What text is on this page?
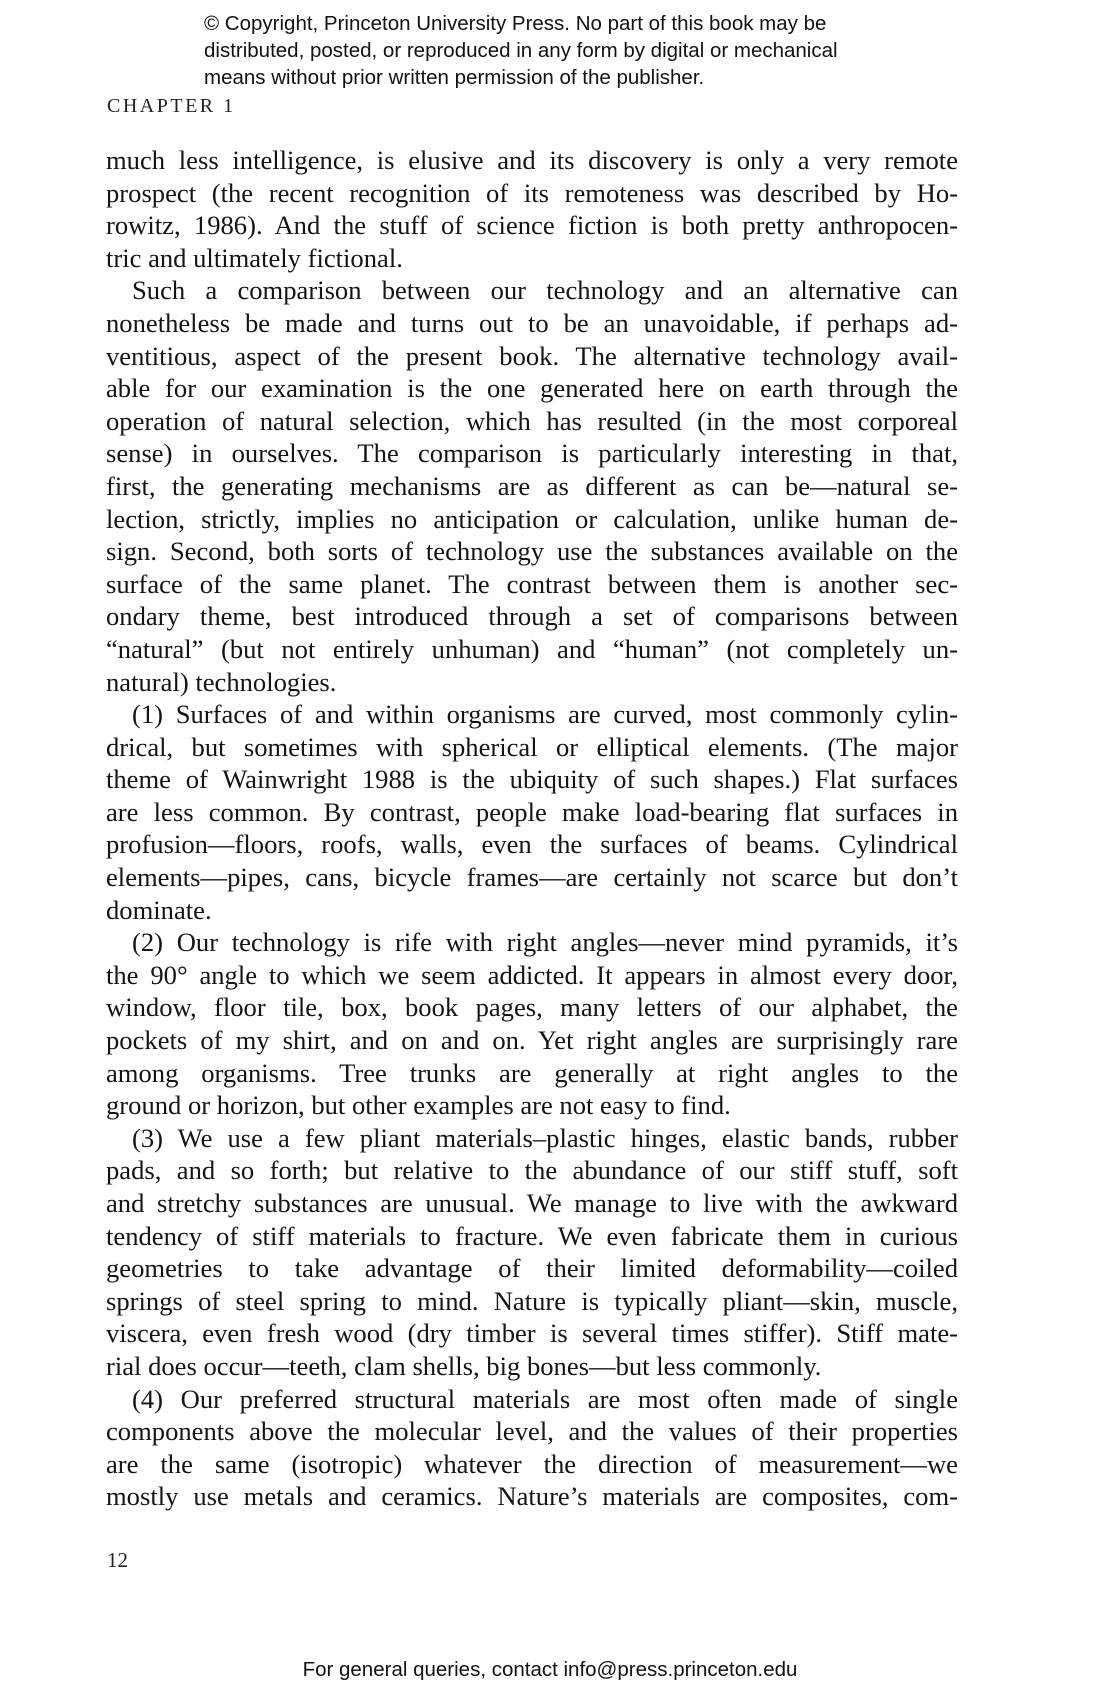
© Copyright, Princeton University Press. No part of this book may be
distributed, posted, or reproduced in any form by digital or mechanical
means without prior written permission of the publisher.
CHAPTER 1

much less intelligence, is elusive and its discovery is only a very remote
prospect (the recent recognition of its remoteness was described by Ho-
rowitz, 1986). And the stuff of science fiction is both pretty anthropocen-
tric and ultimately fictional.

Such a comparison between our technology and an alternative can
nonetheless be made and turns out to be an unavoidable, if perhaps ad-
ventitious, aspect of the present book. The alternative technology avail-
able for our examination is the one generated here on earth through the
operation of natural selection, which has resulted (in the most corporeal
sense) in ourselves. The comparison is particularly interesting in that,
first, the generating mechanisms are as different as can be—natural se-
lection, strictly, implies no anticipation or calculation, unlike human de-
sign. Second, both sorts of technology use the substances available on the
surface of the same planet. The contrast between them is another sec-
ondary theme, best introduced through a set of comparisons between
“natural” (but not entirely unhuman) and “human” (not completely un-
natural) technologies.

(1) Surfaces of and within organisms are curved, most commonly cylin-
drical, but sometimes with spherical or elliptical elements. (The major
theme of Wainwright 1988 is the ubiquity of such shapes.) Flat surfaces
are less common. By contrast, people make load-bearing flat surfaces in
profusion—floors, roofs, walls, even the surfaces of beams. Cylindrical
elements—pipes, cans, bicycle frames—are certainly not scarce but don’t
dominate.

(2) Our technology is rife with right angles—never mind pyramids, it’s
the 90° angle to which we seem addicted. It appears in almost every door,
window, floor tile, box, book pages, many letters of our alphabet, the
pockets of my shirt, and on and on. Yet right angles are surprisingly rare
among organisms. Tree trunks are generally at right angles to the
ground or horizon, but other examples are not easy to find.

(3) We use a few pliant materials–plastic hinges, elastic bands, rubber
pads, and so forth; but relative to the abundance of our stiff stuff, soft
and stretchy substances are unusual. We manage to live with the awkward
tendency of stiff materials to fracture. We even fabricate them in curious
geometries to take advantage of their limited deformability—coiled
springs of steel spring to mind. Nature is typically pliant—skin, muscle,
viscera, even fresh wood (dry timber is several times stiffer). Stiff mate-
rial does occur—teeth, clam shells, big bones—but less commonly.

(4) Our preferred structural materials are most often made of single
components above the molecular level, and the values of their properties
are the same (isotropic) whatever the direction of measurement—we
mostly use metals and ceramics. Nature’s materials are composites, com-

12
For general queries, contact info@press.princeton.edu
